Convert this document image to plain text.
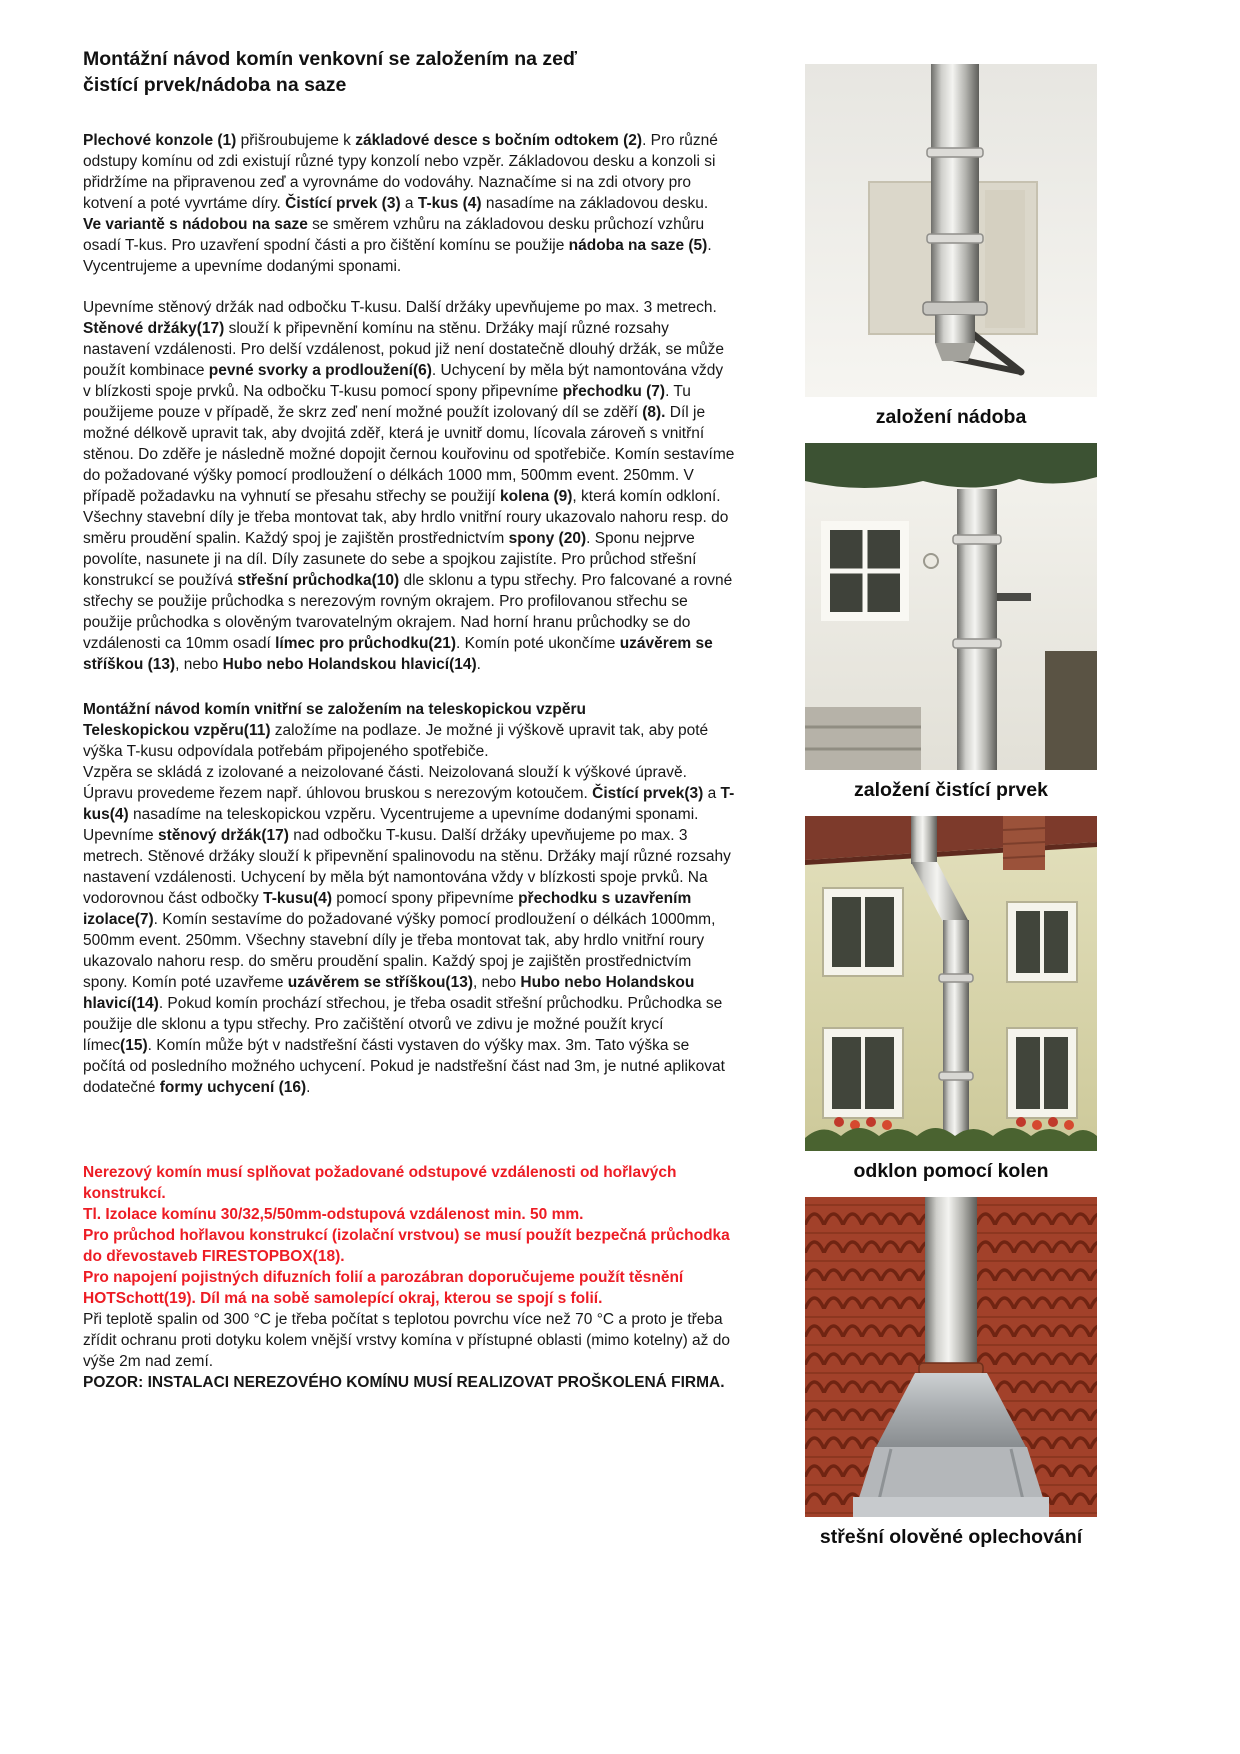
Montážní návod komín venkovní se založením na zeď
čistící prvek/nádoba na saze

Plechové konzole (1) přišroubujeme k základové desce s bočním odtokem (2). Pro různé odstupy komínu od zdi existují různé typy konzolí nebo vzpěr. Základovou desku a konzoli si přidržíme na připravenou zeď a vyrovnáme do vodováhy. Naznačíme si na zdi otvory pro kotvení a poté vyvrtáme díry. Čistící prvek (3) a T-kus (4) nasadíme na základovou desku.
Ve variantě s nádobou na saze se směrem vzhůru na základovou desku průchozí vzhůru osadí T-kus. Pro uzavření spodní části a pro čištění komínu se použije nádoba na saze (5). Vycentrujeme a upevníme dodanými sponami.

Upevníme stěnový držák nad odbočku T-kusu. Další držáky upevňujeme po max. 3 metrech. Stěnové držáky(17) slouží k připevnění komínu na stěnu. Držáky mají různé rozsahy nastavení vzdálenosti. Pro delší vzdálenost, pokud již není dostatečně dlouhý držák, se může použít kombinace pevné svorky a prodloužení(6). Uchycení by měla být namontována vždy v blízkosti spoje prvků. Na odbočku T-kusu pomocí spony připevníme přechodku (7). Tu použijeme pouze v případě, že skrz zeď není možné použít izolovaný díl se zděří (8). Díl je možné délkově upravit tak, aby dvojitá zděř, která je uvnitř domu, lícovala zároveň s vnitřní stěnou. Do zděře je následně možné dopojit černou kouřovinu od spotřebiče. Komín sestavíme do požadované výšky pomocí prodloužení o délkách 1000 mm, 500mm event. 250mm. V případě požadavku na vyhnutí se přesahu střechy se použijí kolena (9), která komín odkloní. Všechny stavební díly je třeba montovat tak, aby hrdlo vnitřní roury ukazovalo nahoru resp. do směru proudění spalin. Každý spoj je zajištěn prostřednictvím spony (20). Sponu nejprve povolíte, nasunete ji na díl. Díly zasunete do sebe a spojkou zajistíte. Pro průchod střešní konstrukcí se používá střešní průchodka(10) dle sklonu a typu střechy. Pro falcované a rovné střechy se použije průchodka s nerezovým rovným okrajem. Pro profilovanou střechu se použije průchodka s olověným tvarovatelným okrajem. Nad horní hranu průchodky se do vzdálenosti ca 10mm osadí límec pro průchodku(21). Komín poté ukončíme uzávěrem se stříškou (13), nebo Hubo nebo Holandskou hlavicí(14).

Montážní návod komín vnitřní se založením na teleskopickou vzpěru
Teleskopickou vzpěru(11) založíme na podlaze. Je možné ji výškově upravit tak, aby poté výška T-kusu odpovídala potřebám připojeného spotřebiče.
Vzpěra se skládá z izolované a neizolované části. Neizolovaná slouží k výškové úpravě. Úpravu provedeme řezem např. úhlovou bruskou s nerezovým kotoučem. Čistící prvek(3) a T-kus(4) nasadíme na teleskopickou vzpěru. Vycentrujeme a upevníme dodanými sponami. Upevníme stěnový držák(17) nad odbočku T-kusu. Další držáky upevňujeme po max. 3 metrech. Stěnové držáky slouží k připevnění spalinovodu na stěnu. Držáky mají různé rozsahy nastavení vzdálenosti. Uchycení by měla být namontována vždy v blízkosti spoje prvků. Na vodorovnou část odbočky T-kusu(4) pomocí spony připevníme přechodku s uzavřením izolace(7). Komín sestavíme do požadované výšky pomocí prodloužení o délkách 1000mm, 500mm event. 250mm. Všechny stavební díly je třeba montovat tak, aby hrdlo vnitřní roury ukazovalo nahoru resp. do směru proudění spalin. Každý spoj je zajištěn prostřednictvím spony. Komín poté uzavřeme uzávěrem se stříškou(13), nebo Hubo nebo Holandskou hlavicí(14). Pokud komín prochází střechou, je třeba osadit střešní průchodku. Průchodka se použije dle sklonu a typu střechy. Pro začištění otvorů ve zdivu je možné použít krycí límec(15). Komín může být v nadstřešní části vystaven do výšky max. 3m. Tato výška se počítá od posledního možného uchycení. Pokud je nadstřešní část nad 3m, je nutné aplikovat dodatečné formy uchycení (16).

Nerezový komín musí splňovat požadované odstupové vzdálenosti od hořlavých konstrukcí.
Tl. Izolace komínu 30/32,5/50mm-odstupová vzdálenost min. 50 mm.
Pro průchod hořlavou konstrukcí (izolační vrstvou) se musí použít bezpečná průchodka do dřevostaveb FIRESTOPBOX(18).
Pro napojení pojistných difuzních folií a parozábran doporučujeme použít těsnění HOTSchott(19). Díl má na sobě samolepící okraj, kterou se spojí s folií.

Při teplotě spalin od 300 °C je třeba počítat s teplotou povrchu více než 70 °C a proto je třeba zřídit ochranu proti dotyku kolem vnější vrstvy komína v přístupné oblasti (mimo kotelny) až do výše 2m nad zemí.
POZOR: INSTALACI NEREZOVÉHO KOMÍNU MUSÍ REALIZOVAT PROŠKOLENÁ FIRMA.

založení nádoba
založení čistící prvek
odklon pomocí kolen
střešní olověné oplechování
